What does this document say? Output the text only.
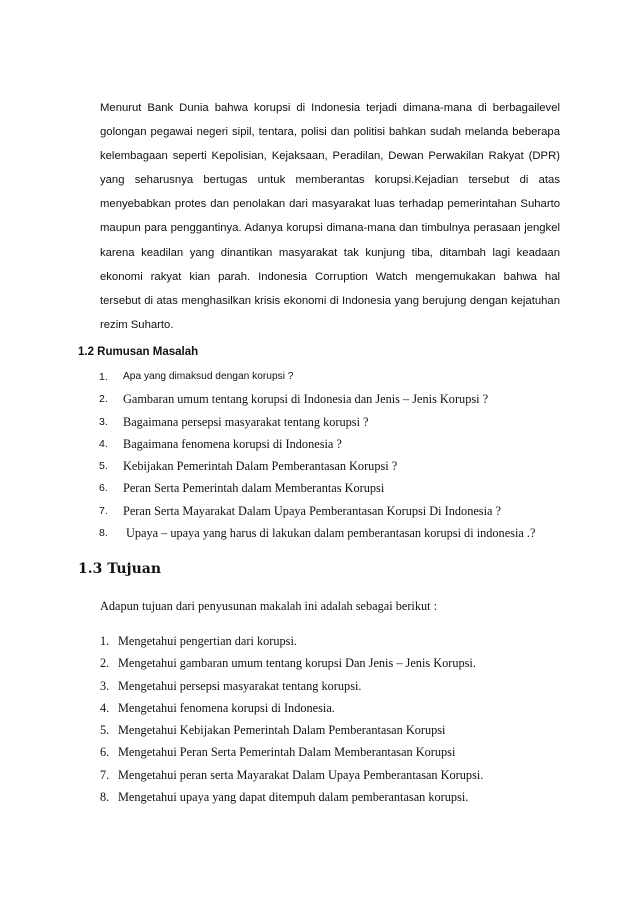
Menurut Bank Dunia bahwa korupsi di Indonesia terjadi dimana-mana di berbagailevel golongan pegawai negeri sipil, tentara, polisi dan politisi bahkan sudah melanda beberapa kelembagaan seperti Kepolisian, Kejaksaan, Peradilan, Dewan Perwakilan Rakyat (DPR) yang seharusnya bertugas untuk memberantas korupsi.Kejadian tersebut di atas menyebabkan protes dan penolakan dari masyarakat luas terhadap pemerintahan Suharto maupun para penggantinya. Adanya korupsi dimana-mana dan timbulnya perasaan jengkel karena keadilan yang dinantikan masyarakat tak kunjung tiba, ditambah lagi keadaan ekonomi rakyat kian parah. Indonesia Corruption Watch mengemukakan bahwa hal tersebut di atas menghasilkan krisis ekonomi di Indonesia yang berujung dengan kejatuhan rezim Suharto.

1.2 Rumusan Masalah
1.	Apa yang dimaksud dengan korupsi ?
2.	Gambaran umum tentang korupsi di Indonesia dan Jenis – Jenis Korupsi ?
3.	Bagaimana persepsi masyarakat tentang korupsi ?
4.	Bagaimana fenomena korupsi di Indonesia ?
5.	Kebijakan Pemerintah Dalam Pemberantasan Korupsi ?
6.	Peran Serta Pemerintah dalam Memberantas Korupsi
7.	Peran Serta Mayarakat Dalam Upaya Pemberantasan Korupsi Di Indonesia ?
8.	Upaya – upaya yang harus di lakukan dalam pemberantasan korupsi di indonesia .?
1.3 Tujuan

Adapun tujuan dari penyusunan makalah ini adalah sebagai berikut :

1. Mengetahui pengertian dari korupsi.
2. Mengetahui gambaran umum tentang korupsi Dan Jenis – Jenis Korupsi.
3. Mengetahui persepsi masyarakat tentang korupsi.
4. Mengetahui fenomena korupsi di Indonesia.
5. Mengetahui Kebijakan Pemerintah Dalam Pemberantasan Korupsi
6. Mengetahui Peran Serta Pemerintah Dalam Memberantasan Korupsi
7. Mengetahui peran serta Mayarakat Dalam Upaya Pemberantasan Korupsi.
8. Mengetahui upaya yang dapat ditempuh dalam pemberantasan korupsi.
